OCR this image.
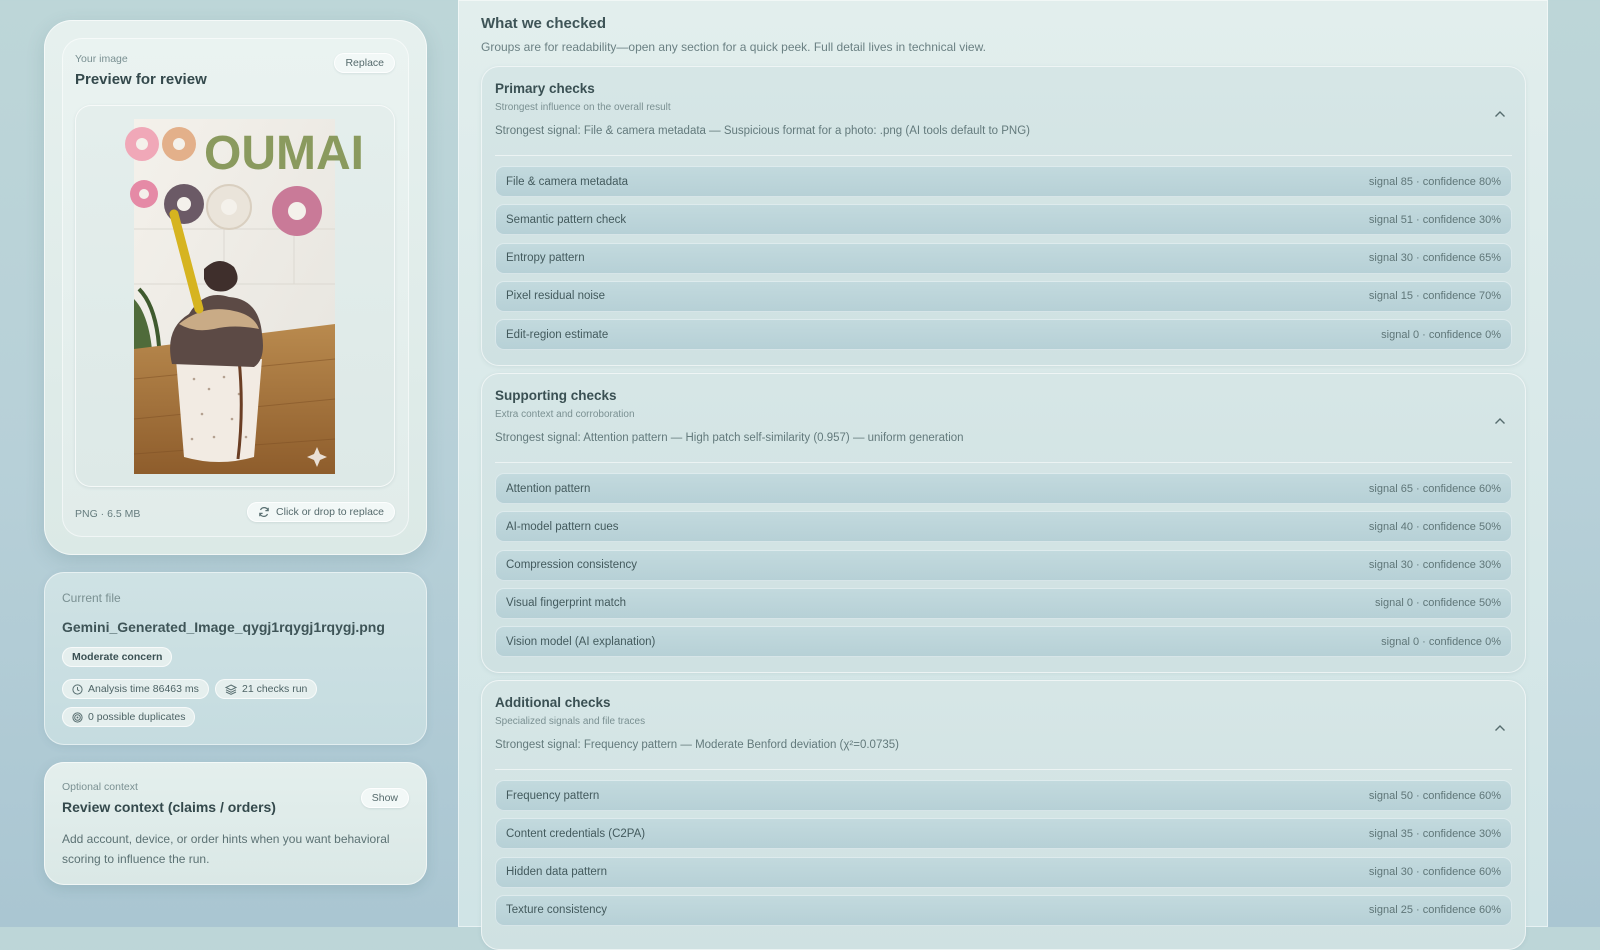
Your image
Preview for review
Replace
OUMAI
PNG · 6.5 MB	Click or drop to replace
Current file
Gemini_Generated_Image_qygj1rqygj1rqygj.png
Moderate concern
Analysis time 86463 ms	21 checks run
0 possible duplicates
Optional context
Review context (claims / orders)
Show
Add account, device, or order hints when you want behavioral scoring to influence the run.
What we checked
Groups are for readability—open any section for a quick peek. Full detail lives in technical view.
Primary checks
Strongest influence on the overall result
Strongest signal: File & camera metadata — Suspicious format for a photo: .png (AI tools default to PNG)
File & camera metadata	signal 85 · confidence 80%
Semantic pattern check	signal 51 · confidence 30%
Entropy pattern	signal 30 · confidence 65%
Pixel residual noise	signal 15 · confidence 70%
Edit-region estimate	signal 0 · confidence 0%
Supporting checks
Extra context and corroboration
Strongest signal: Attention pattern — High patch self-similarity (0.957) — uniform generation
Attention pattern	signal 65 · confidence 60%
AI-model pattern cues	signal 40 · confidence 50%
Compression consistency	signal 30 · confidence 30%
Visual fingerprint match	signal 0 · confidence 50%
Vision model (AI explanation)	signal 0 · confidence 0%
Additional checks
Specialized signals and file traces
Strongest signal: Frequency pattern — Moderate Benford deviation (χ²=0.0735)
Frequency pattern	signal 50 · confidence 60%
Content credentials (C2PA)	signal 35 · confidence 30%
Hidden data pattern	signal 30 · confidence 60%
Texture consistency	signal 25 · confidence 60%
